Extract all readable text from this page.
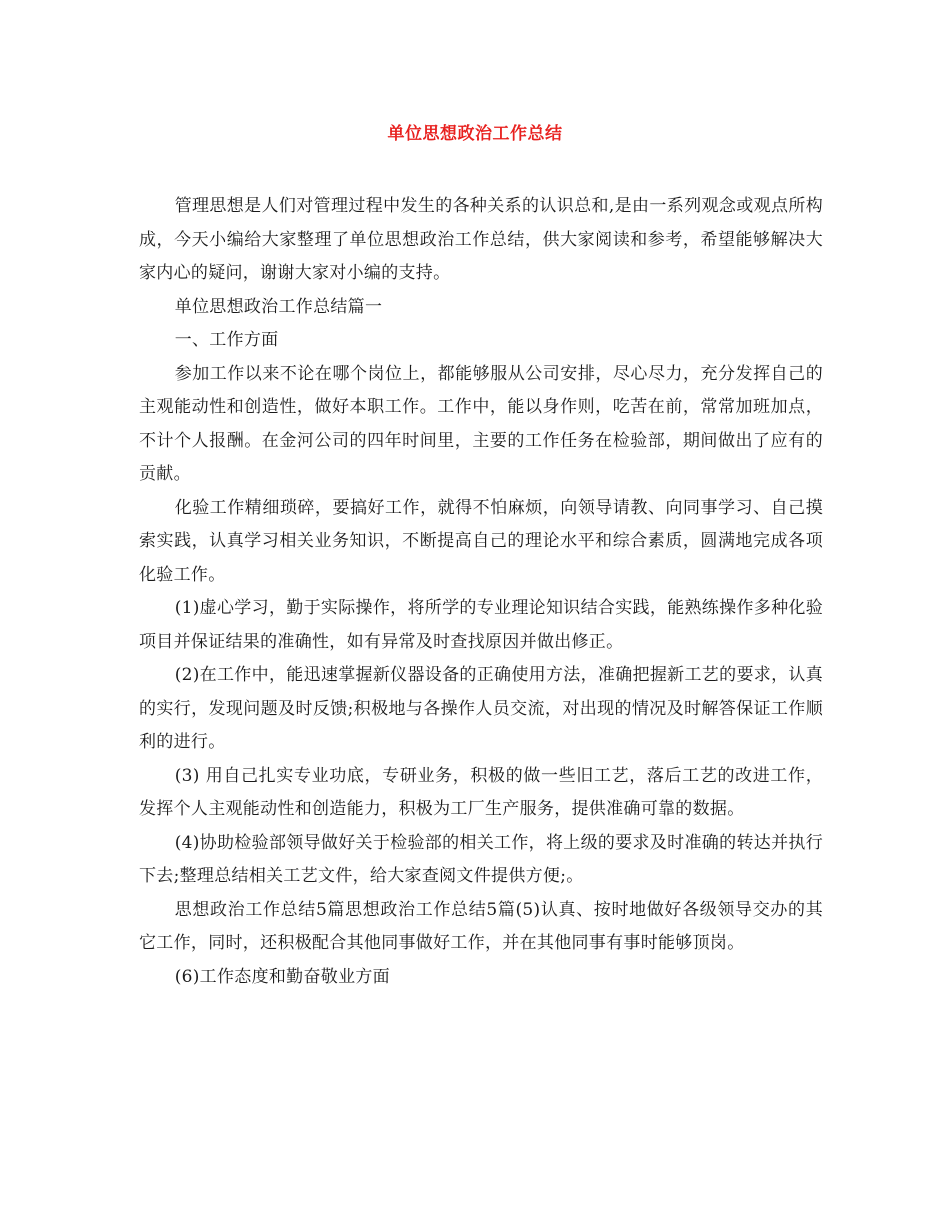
单位思想政治工作总结

管理思想是人们对管理过程中发生的各种关系的认识总和,是由一系列观念或观点所构成，今天小编给大家整理了单位思想政治工作总结，供大家阅读和参考，希望能够解决大家内心的疑问，谢谢大家对小编的支持。

单位思想政治工作总结篇一

一、工作方面

参加工作以来不论在哪个岗位上，都能够服从公司安排，尽心尽力，充分发挥自己的主观能动性和创造性，做好本职工作。工作中，能以身作则，吃苦在前，常常加班加点，不计个人报酬。在金河公司的四年时间里，主要的工作任务在检验部，期间做出了应有的贡献。

化验工作精细琐碎，要搞好工作，就得不怕麻烦，向领导请教、向同事学习、自己摸索实践，认真学习相关业务知识，不断提高自己的理论水平和综合素质，圆满地完成各项化验工作。

(1)虚心学习，勤于实际操作，将所学的专业理论知识结合实践，能熟练操作多种化验项目并保证结果的准确性，如有异常及时查找原因并做出修正。

(2)在工作中，能迅速掌握新仪器设备的正确使用方法，准确把握新工艺的要求，认真的实行，发现问题及时反馈;积极地与各操作人员交流，对出现的情况及时解答保证工作顺利的进行。

(3) 用自己扎实专业功底，专研业务，积极的做一些旧工艺，落后工艺的改进工作，发挥个人主观能动性和创造能力，积极为工厂生产服务，提供准确可靠的数据。

(4)协助检验部领导做好关于检验部的相关工作，将上级的要求及时准确的转达并执行下去;整理总结相关工艺文件，给大家查阅文件提供方便;。

思想政治工作总结5篇思想政治工作总结5篇(5)认真、按时地做好各级领导交办的其它工作，同时，还积极配合其他同事做好工作，并在其他同事有事时能够顶岗。

(6)工作态度和勤奋敬业方面
